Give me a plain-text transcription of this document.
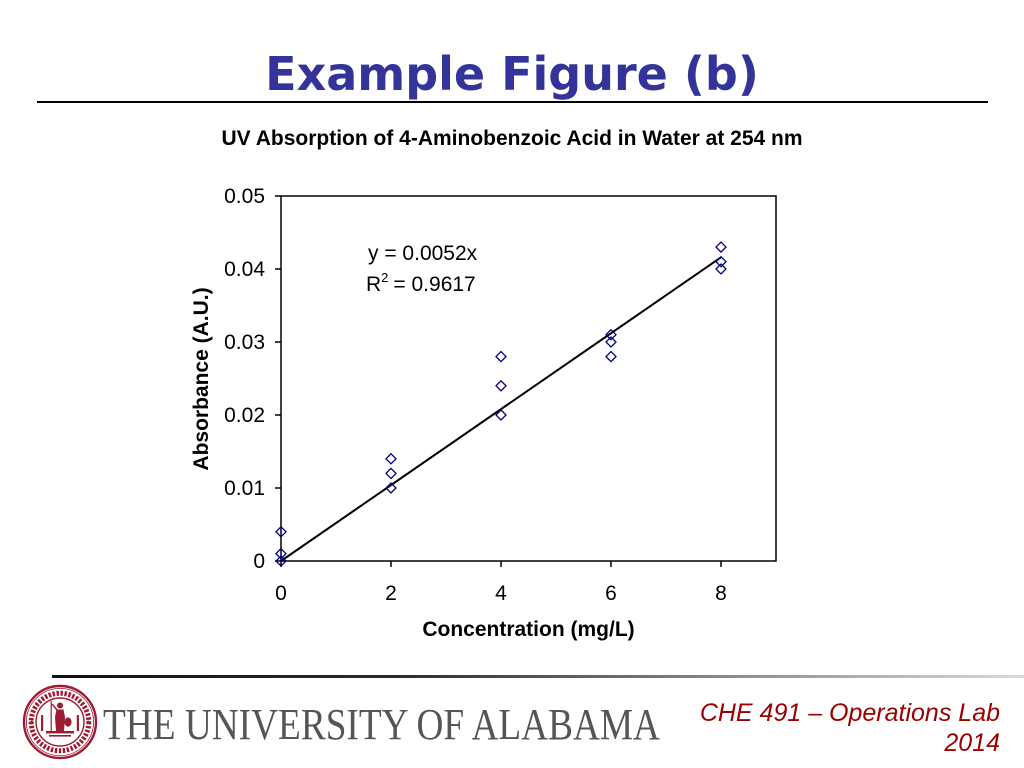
Example Figure (b)
UV Absorption of 4-Aminobenzoic Acid in Water at 254 nm
0
0.01
0.02
0.03
0.04
0.05
0	2	4	6	8
Concentration (mg/L)
Absorbance (A.U.)
y = 0.0052x
$R^2 = 0.9617$
THE UNIVERSITY OF ALABAMA CHE 491 – Operations Lab
2014
